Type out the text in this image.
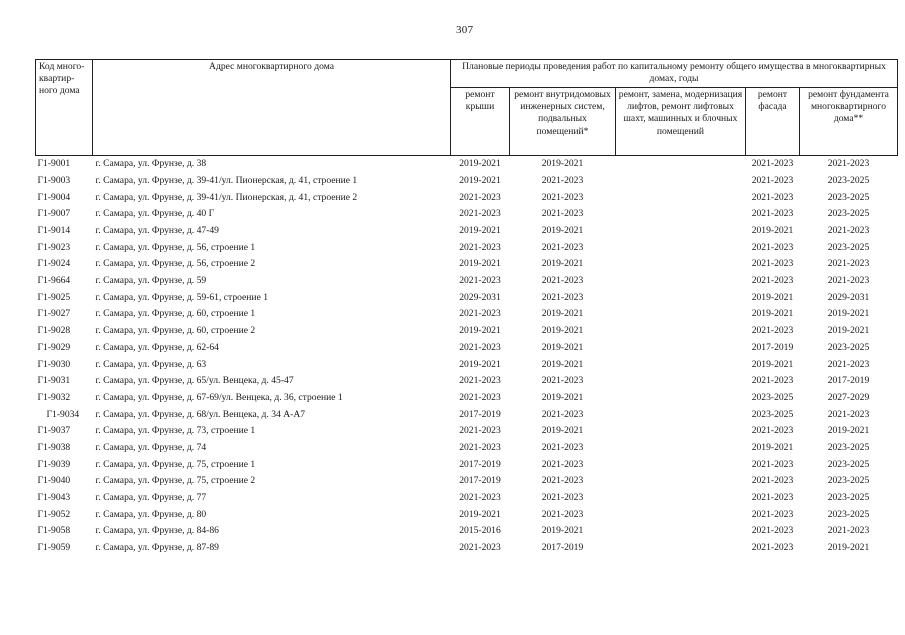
307
Код много-квартир-ного дома	Адрес многоквартирного дома	Плановые периоды проведения работ по капитальному ремонту общего имущества в многоквартирных домах, годы				
		ремонт крыши	ремонт внутридомовых инженерных систем, подвальных помещений*	ремонт, замена, модернизация лифтов, ремонт лифтовых шахт, машинных и блочных помещений	ремонт фасада	ремонт фундамента многоквартирного дома**
Г1-9001	г. Самара, ул. Фрунзе, д. 38	2019-2021	2019-2021		2021-2023	2021-2023
Г1-9003	г. Самара, ул. Фрунзе, д. 39-41/ул. Пионерская, д. 41, строение 1	2019-2021	2021-2023		2021-2023	2023-2025
Г1-9004	г. Самара, ул. Фрунзе, д. 39-41/ул. Пионерская, д. 41, строение 2	2021-2023	2021-2023		2021-2023	2023-2025
Г1-9007	г. Самара, ул. Фрунзе, д. 40 Г	2021-2023	2021-2023		2021-2023	2023-2025
Г1-9014	г. Самара, ул. Фрунзе, д. 47-49	2019-2021	2019-2021		2019-2021	2021-2023
Г1-9023	г. Самара, ул. Фрунзе, д. 56, строение 1	2021-2023	2021-2023		2021-2023	2023-2025
Г1-9024	г. Самара, ул. Фрунзе, д. 56, строение 2	2019-2021	2019-2021		2021-2023	2021-2023
Г1-9664	г. Самара, ул. Фрунзе, д. 59	2021-2023	2021-2023		2021-2023	2021-2023
Г1-9025	г. Самара, ул. Фрунзе, д. 59-61, строение 1	2029-2031	2021-2023		2019-2021	2029-2031
Г1-9027	г. Самара, ул. Фрунзе, д. 60, строение 1	2021-2023	2019-2021		2019-2021	2019-2021
Г1-9028	г. Самара, ул. Фрунзе, д. 60, строение 2	2019-2021	2019-2021		2021-2023	2019-2021
Г1-9029	г. Самара, ул. Фрунзе, д. 62-64	2021-2023	2019-2021		2017-2019	2023-2025
Г1-9030	г. Самара, ул. Фрунзе, д. 63	2019-2021	2019-2021		2019-2021	2021-2023
Г1-9031	г. Самара, ул. Фрунзе, д. 65/ул. Венцека, д. 45-47	2021-2023	2021-2023		2021-2023	2017-2019
Г1-9032	г. Самара, ул. Фрунзе, д. 67-69/ул. Венцека, д. 36, строение 1	2021-2023	2019-2021		2023-2025	2027-2029
Г1-9034	г. Самара, ул. Фрунзе, д. 68/ул. Венцека, д. 34 А-А7	2017-2019	2021-2023		2023-2025	2021-2023
Г1-9037	г. Самара, ул. Фрунзе, д. 73, строение 1	2021-2023	2019-2021		2021-2023	2019-2021
Г1-9038	г. Самара, ул. Фрунзе, д. 74	2021-2023	2021-2023		2019-2021	2023-2025
Г1-9039	г. Самара, ул. Фрунзе, д. 75, строение 1	2017-2019	2021-2023		2021-2023	2023-2025
Г1-9040	г. Самара, ул. Фрунзе, д. 75, строение 2	2017-2019	2021-2023		2021-2023	2023-2025
Г1-9043	г. Самара, ул. Фрунзе, д. 77	2021-2023	2021-2023		2021-2023	2023-2025
Г1-9052	г. Самара, ул. Фрунзе, д. 80	2019-2021	2021-2023		2021-2023	2023-2025
Г1-9058	г. Самара, ул. Фрунзе, д. 84-86	2015-2016	2019-2021		2021-2023	2021-2023
Г1-9059	г. Самара, ул. Фрунзе, д. 87-89	2021-2023	2017-2019		2021-2023	2019-2021
